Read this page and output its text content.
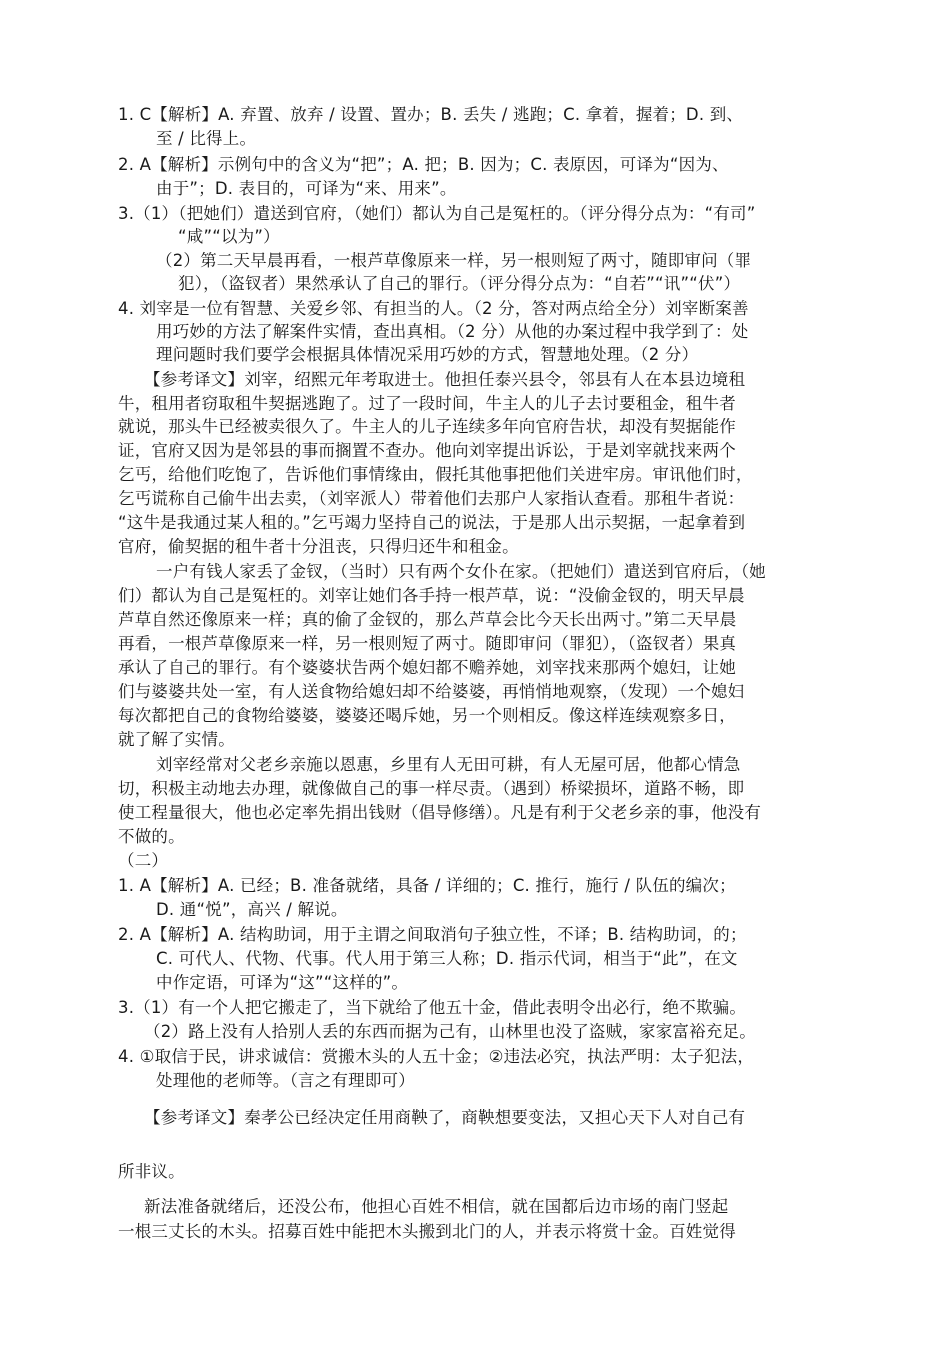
1. C【解析】A. 弃置、放弃 / 设置、置办；B. 丢失 / 逃跑；C. 拿着，握着；D. 到、
至 / 比得上。
2. A【解析】示例句中的含义为“把”；A. 把；B. 因为；C. 表原因，可译为“因为、
由于”；D. 表目的，可译为“来、用来”。
3.（1）（把她们）遣送到官府，（她们）都认为自己是冤枉的。（评分得分点为：“有司”
“咸”“以为”）
（2）第二天早晨再看，一根芦草像原来一样，另一根则短了两寸，随即审问（罪
犯），（盗钗者）果然承认了自己的罪行。（评分得分点为：“自若”“讯”“伏”）
4. 刘宰是一位有智慧、关爱乡邻、有担当的人。（2 分，答对两点给全分）刘宰断案善
用巧妙的方法了解案件实情，查出真相。（2 分）从他的办案过程中我学到了：处
理问题时我们要学会根据具体情况采用巧妙的方式，智慧地处理。（2 分）
【参考译文】刘宰，绍熙元年考取进士。他担任泰兴县令，邻县有人在本县边境租
牛，租用者窃取租牛契据逃跑了。过了一段时间，牛主人的儿子去讨要租金，租牛者
就说，那头牛已经被卖很久了。牛主人的儿子连续多年向官府告状，却没有契据能作
证，官府又因为是邻县的事而搁置不查办。他向刘宰提出诉讼，于是刘宰就找来两个
乞丐，给他们吃饱了，告诉他们事情缘由，假托其他事把他们关进牢房。审讯他们时，
乞丐谎称自己偷牛出去卖，（刘宰派人）带着他们去那户人家指认查看。那租牛者说：
“这牛是我通过某人租的。”乞丐竭力坚持自己的说法，于是那人出示契据，一起拿着到
官府，偷契据的租牛者十分沮丧，只得归还牛和租金。
一户有钱人家丢了金钗，（当时）只有两个女仆在家。（把她们）遣送到官府后，（她
们）都认为自己是冤枉的。刘宰让她们各手持一根芦草，说：“没偷金钗的，明天早晨
芦草自然还像原来一样；真的偷了金钗的，那么芦草会比今天长出两寸。”第二天早晨
再看，一根芦草像原来一样，另一根则短了两寸。随即审问（罪犯），（盗钗者）果真
承认了自己的罪行。有个婆婆状告两个媳妇都不赡养她，刘宰找来那两个媳妇，让她
们与婆婆共处一室，有人送食物给媳妇却不给婆婆，再悄悄地观察，（发现）一个媳妇
每次都把自己的食物给婆婆，婆婆还喝斥她，另一个则相反。像这样连续观察多日，
就了解了实情。
刘宰经常对父老乡亲施以恩惠，乡里有人无田可耕，有人无屋可居，他都心情急
切，积极主动地去办理，就像做自己的事一样尽责。（遇到）桥梁损坏，道路不畅，即
使工程量很大，他也必定率先捐出钱财（倡导修缮）。凡是有利于父老乡亲的事，他没有
不做的。
（二）
1. A【解析】A. 已经；B. 准备就绪，具备 / 详细的；C. 推行，施行 / 队伍的编次；
D. 通“悦”，高兴 / 解说。
2. A【解析】A. 结构助词，用于主谓之间取消句子独立性，不译；B. 结构助词，的；
C. 可代人、代物、代事。代人用于第三人称；D. 指示代词，相当于“此”，在文
中作定语，可译为“这”“这样的”。
3.（1）有一个人把它搬走了，当下就给了他五十金，借此表明令出必行，绝不欺骗。
（2）路上没有人拾别人丢的东西而据为己有，山林里也没了盗贼，家家富裕充足。
4. ①取信于民，讲求诚信：赏搬木头的人五十金；②违法必究，执法严明：太子犯法，
处理他的老师等。（言之有理即可）
【参考译文】秦孝公已经决定任用商鞅了，商鞅想要变法，又担心天下人对自己有
所非议。
新法准备就绪后，还没公布，他担心百姓不相信，就在国都后边市场的南门竖起
一根三丈长的木头。招募百姓中能把木头搬到北门的人，并表示将赏十金。百姓觉得
